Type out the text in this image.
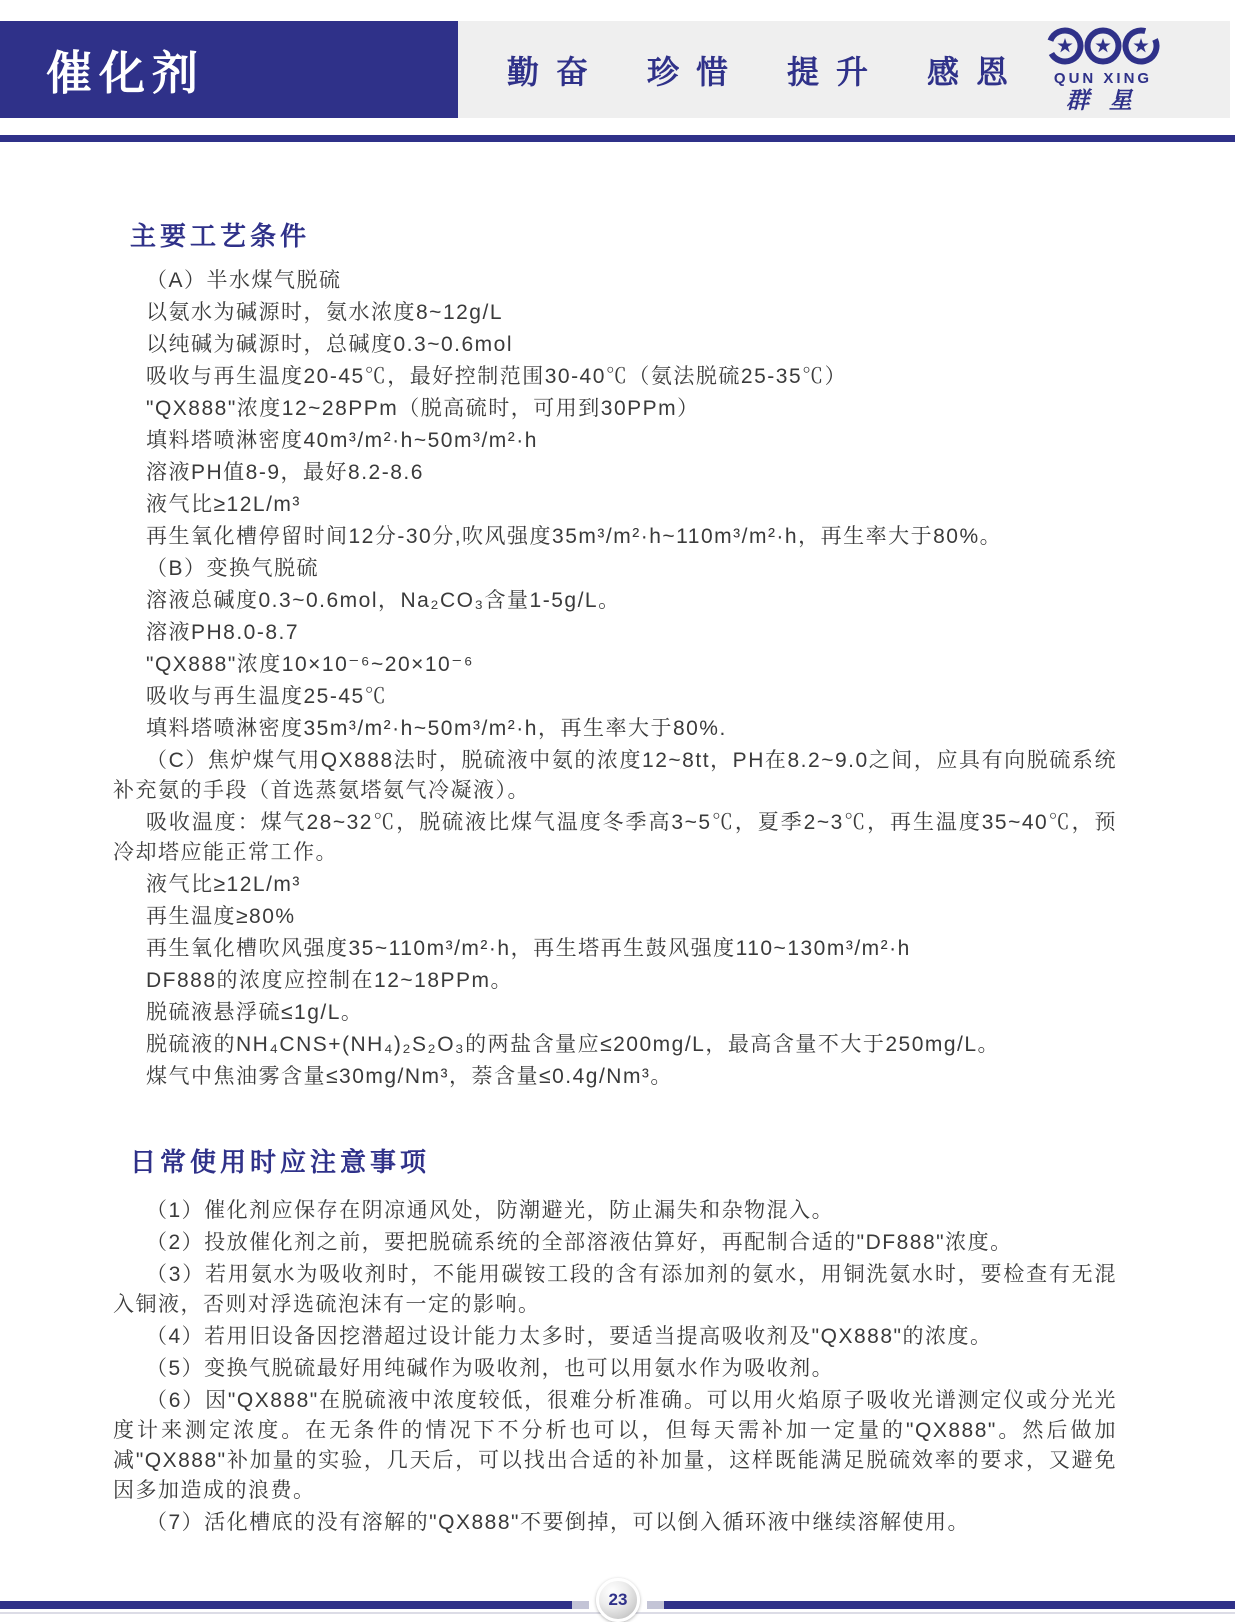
催化剂	勤奋 珍惜 提升 感恩 QUN XING
群星
主要工艺条件

（A）半水煤气脱硫

以氨水为碱源时，氨水浓度8~12g/L

以纯碱为碱源时，总碱度0.3~0.6mol

吸收与再生温度20-45℃，最好控制范围30-40℃（氨法脱硫25-35℃）

"QX888"浓度12~28PPm（脱高硫时，可用到30PPm）

填料塔喷淋密度40m³/m²·h~50m³/m²·h

溶液PH值8-9，最好8.2-8.6

液气比≥12L/m³

再生氧化槽停留时间12分-30分,吹风强度35m³/m²·h~110m³/m²·h，再生率大于80%。

（B）变换气脱硫

溶液总碱度0.3~0.6mol，Na₂CO₃含量1-5g/L。

溶液PH8.0-8.7

"QX888"浓度10×10⁻⁶~20×10⁻⁶

吸收与再生温度25-45℃

填料塔喷淋密度35m³/m²·h~50m³/m²·h，再生率大于80%.

（C）焦炉煤气用QX888法时，脱硫液中氨的浓度12~8tt，PH在8.2~9.0之间，应具有向脱硫系统补充氨的手段（首选蒸氨塔氨气冷凝液）。

吸收温度：煤气28~32℃，脱硫液比煤气温度冬季高3~5℃，夏季2~3℃，再生温度35~40℃，预冷却塔应能正常工作。

液气比≥12L/m³

再生温度≥80%

再生氧化槽吹风强度35~110m³/m²·h，再生塔再生鼓风强度110~130m³/m²·h

DF888的浓度应控制在12~18PPm。

脱硫液悬浮硫≤1g/L。

脱硫液的NH₄CNS+(NH₄)₂S₂O₃的两盐含量应≤200mg/L，最高含量不大于250mg/L。

煤气中焦油雾含量≤30mg/Nm³，萘含量≤0.4g/Nm³。

日常使用时应注意事项

（1）催化剂应保存在阴凉通风处，防潮避光，防止漏失和杂物混入。

（2）投放催化剂之前，要把脱硫系统的全部溶液估算好，再配制合适的"DF888"浓度。

（3）若用氨水为吸收剂时，不能用碳铵工段的含有添加剂的氨水，用铜洗氨水时，要检查有无混入铜液，否则对浮选硫泡沫有一定的影响。

（4）若用旧设备因挖潜超过设计能力太多时，要适当提高吸收剂及"QX888"的浓度。

（5）变换气脱硫最好用纯碱作为吸收剂，也可以用氨水作为吸收剂。

（6）因"QX888"在脱硫液中浓度较低，很难分析准确。可以用火焰原子吸收光谱测定仪或分光光度计来测定浓度。在无条件的情况下不分析也可以，但每天需补加一定量的"QX888"。然后做加减"QX888"补加量的实验，几天后，可以找出合适的补加量，这样既能满足脱硫效率的要求，又避免因多加造成的浪费。

（7）活化槽底的没有溶解的"QX888"不要倒掉，可以倒入循环液中继续溶解使用。

23
